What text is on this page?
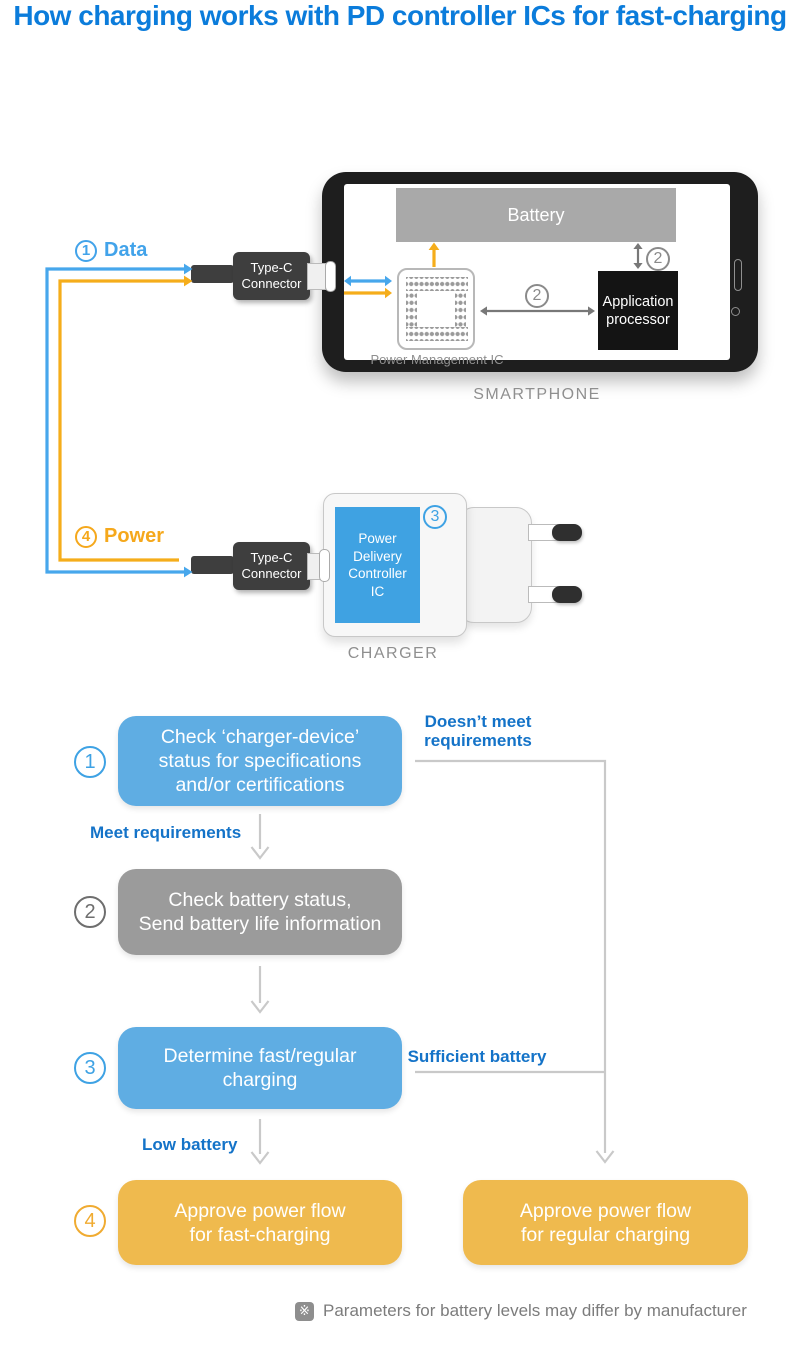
How charging works with PD controller ICs for fast-charging
Battery
Power Management IC
Application
processor
2
2
Type-C
Connector
1 Data
SMARTPHONE
Power
Delivery
Controller
IC
3
Type-C
Connector
4 Power
CHARGER
1
Check ‘charger-device’
status for specifications
and/or certifications
2
Check battery status,
Send battery life information
3
Determine fast/regular
charging
4	Approve power flow
for fast-charging
Approve power flow
for regular charging
Doesn’t meet
requirements
Meet requirements
Sufficient battery
Low battery
※ Parameters for battery levels may differ by manufacturer
